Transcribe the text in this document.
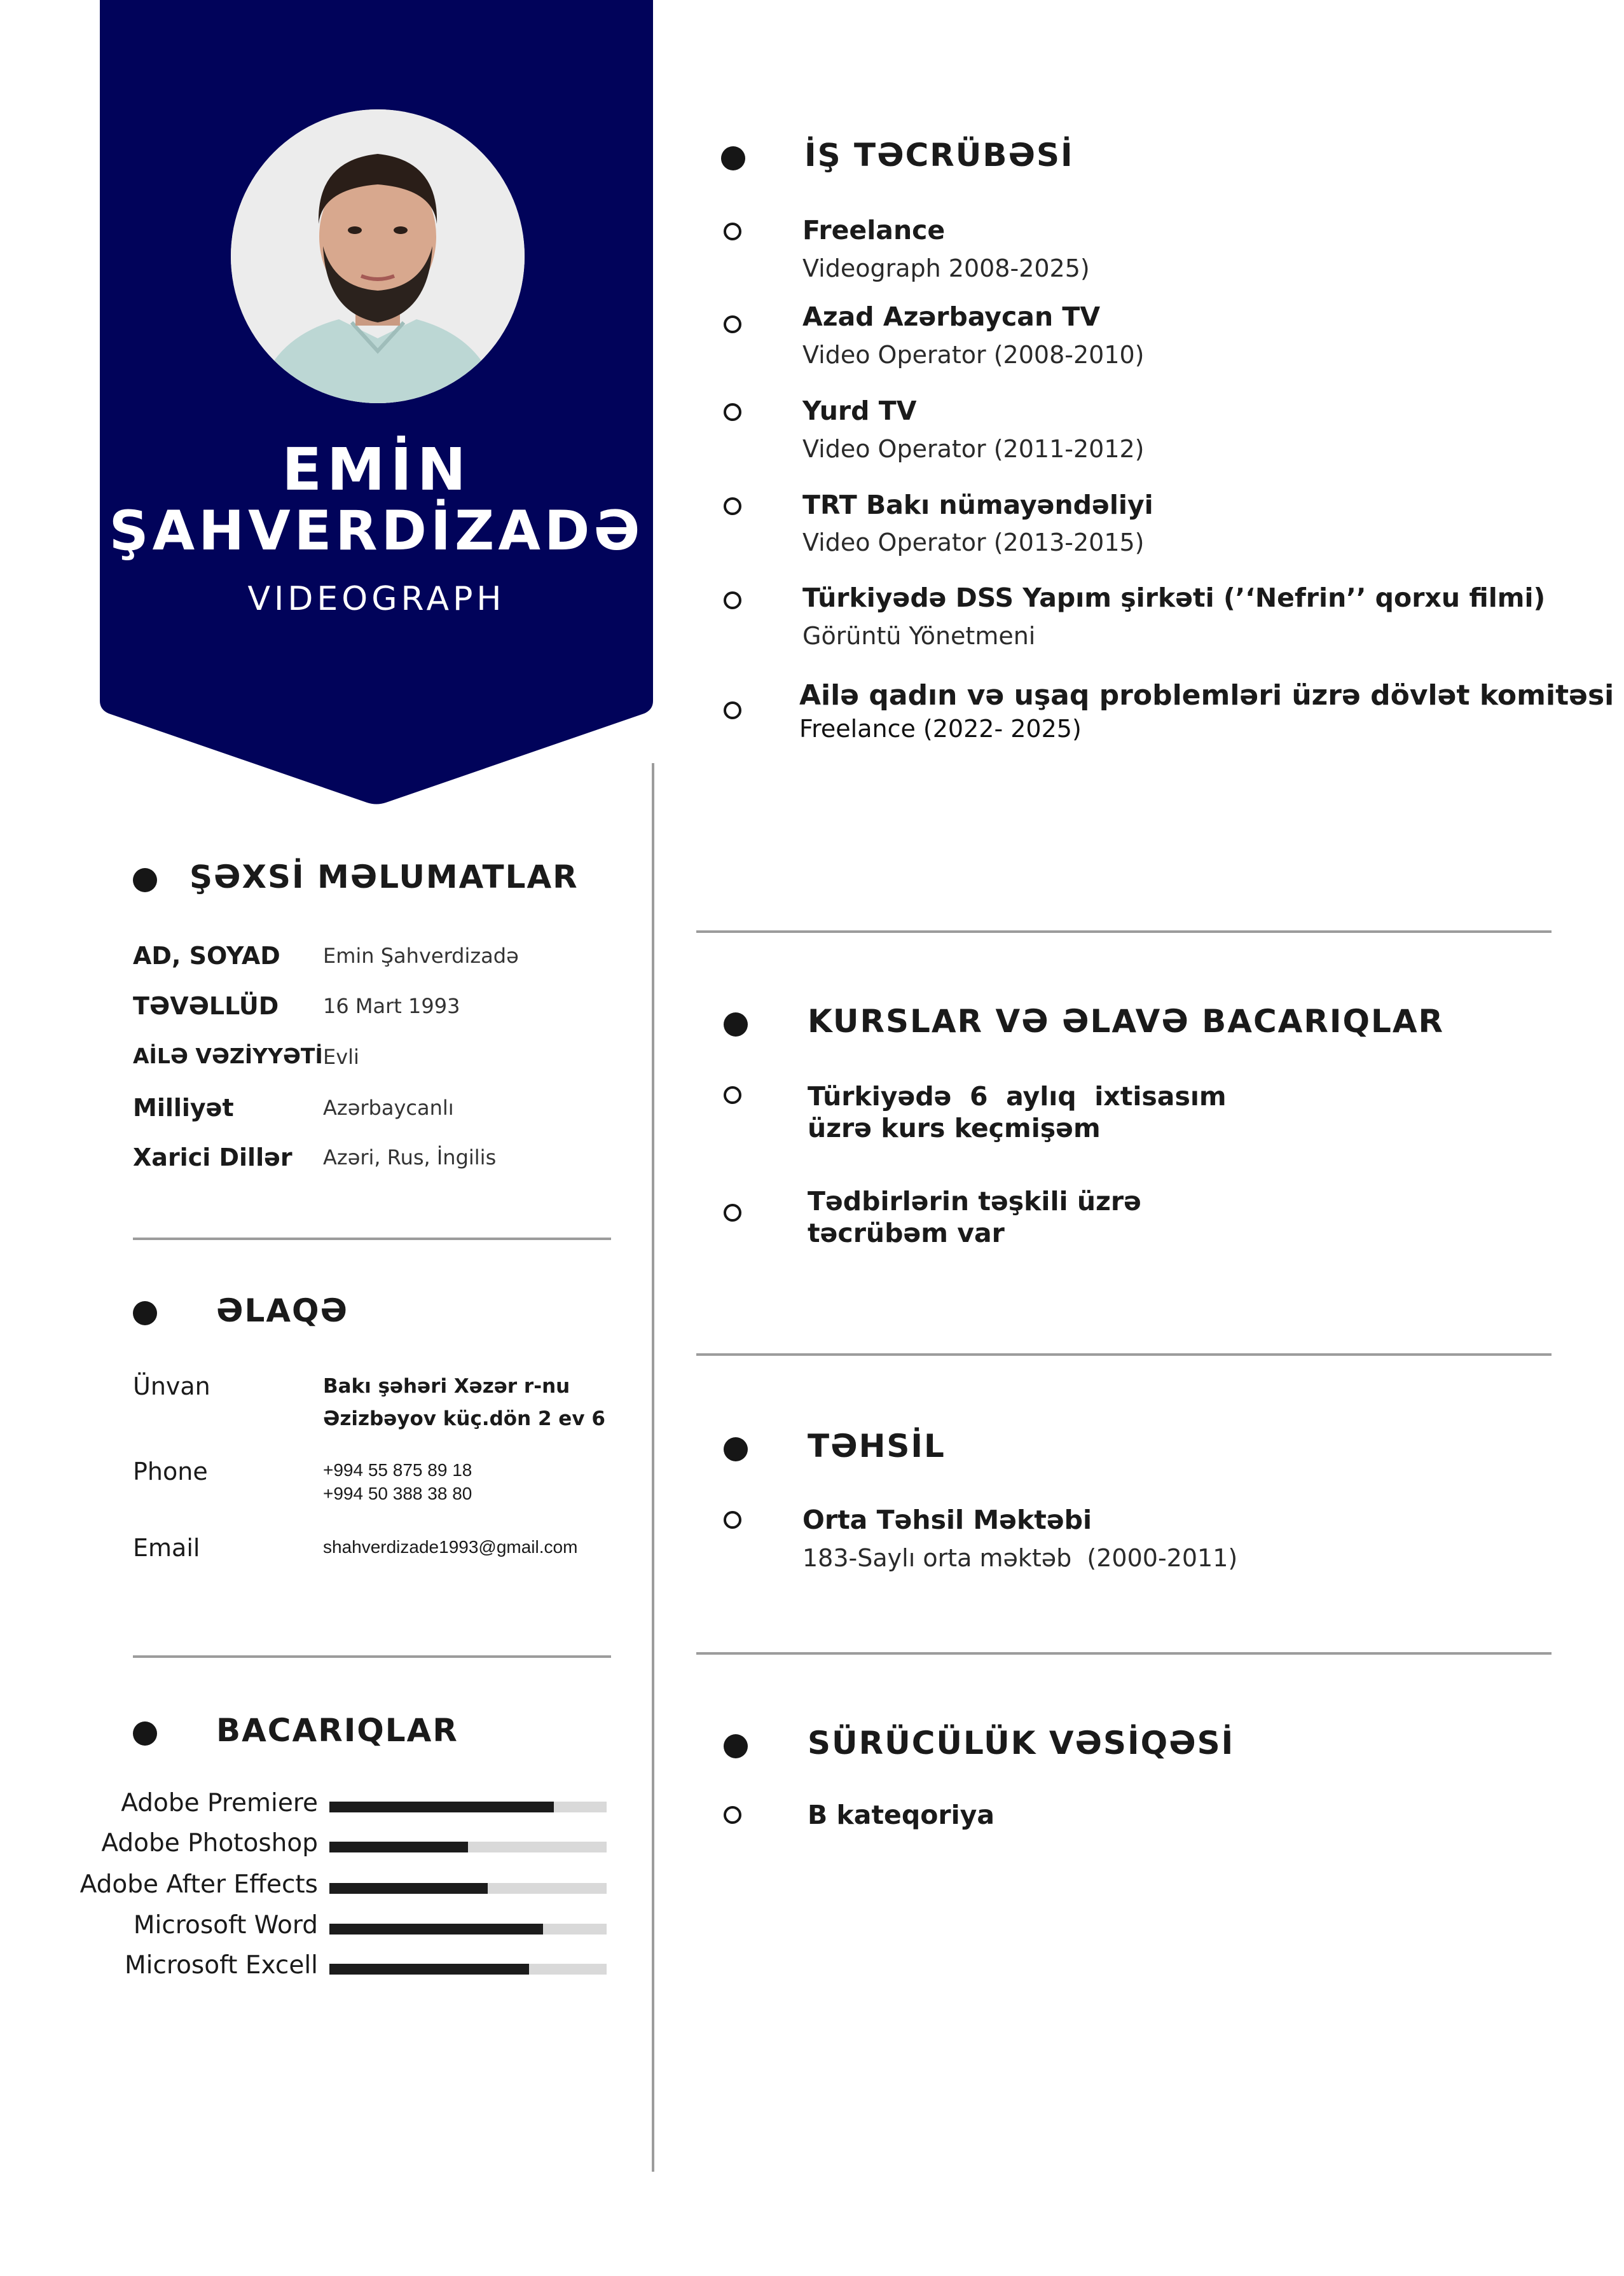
EMİN
ŞAHVERDİZADƏ
VIDEOGRAPH
İŞ TƏCRÜBƏSİ
Freelance
Videograph 2008-2025)
Azad Azərbaycan TV
Video Operator (2008-2010)
Yurd TV
Video Operator (2011-2012)
TRT Bakı nümayəndəliyi
Video Operator (2013-2015)
Türkiyədə DSS Yapım şirkəti (’‘Nefrin’’ qorxu filmi)
Görüntü Yönetmeni
Ailə qadın və uşaq problemləri üzrə dövlət komitəsi
Freelance (2022- 2025)
ŞƏXSİ MƏLUMATLAR
AD, SOYAD Emin Şahverdizadə
TƏVƏLLÜD 16 Mart 1993
AİLƏ VƏZİYYƏTİ Evli
Milliyət	Azərbaycanlı
Xarici Dillər Azəri, Rus, İngilis
KURSLAR VƏ ƏLAVƏ BACARIQLAR
Türkiyədə  6  aylıq  ixtisasım
üzrə kurs keçmişəm
Tədbirlərin təşkili üzrə
təcrübəm var
ƏLAQƏ
Ünvan	Bakı şəhəri Xəzər r-nu
Əzizbəyov küç.dön 2 ev 6
Phone	+994 55 875 89 18
+994 50 388 38 80
Email	shahverdizade1993@gmail.com
TƏHSİL
Orta Təhsil Məktəbi
183-Saylı orta məktəb  (2000-2011)
BACARIQLAR
Adobe Premiere
Adobe Photoshop
Adobe After Effects
Microsoft Word
Microsoft Excell
SÜRÜCÜLÜK VƏSİQƏSİ
B kateqoriya
